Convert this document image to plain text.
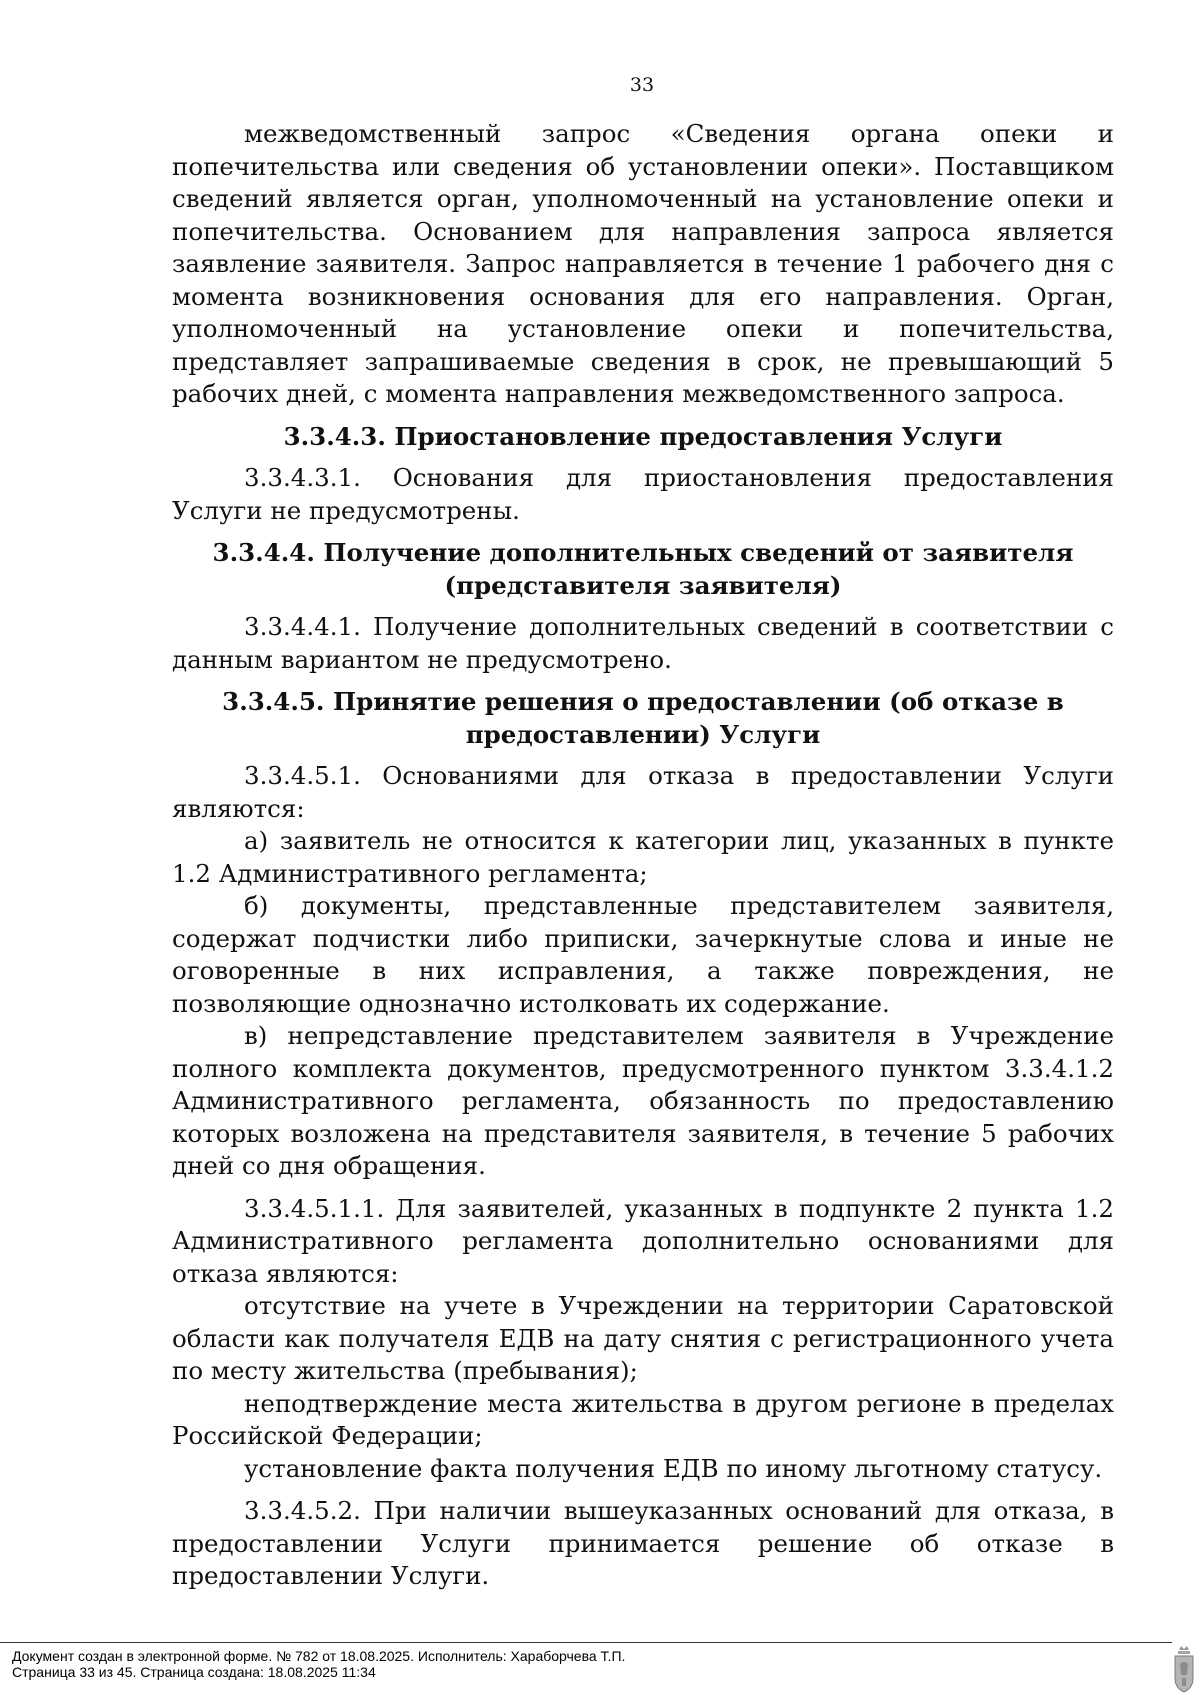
33

межведомственный запрос «Сведения органа опеки и попечительства или сведения об установлении опеки». Поставщиком сведений является орган, уполномоченный на установление опеки и попечительства. Основанием для направления запроса является заявление заявителя. Запрос направляется в течение 1 рабочего дня с момента возникновения основания для его направления. Орган, уполномоченный на установление опеки и попечительства, представляет запрашиваемые сведения в срок, не превышающий 5 рабочих дней, с момента направления межведомственного запроса.

3.3.4.3. Приостановление предоставления Услуги

3.3.4.3.1. Основания для приостановления предоставления Услуги не предусмотрены.

3.3.4.4. Получение дополнительных сведений от заявителя
(представителя заявителя)

3.3.4.4.1. Получение дополнительных сведений в соответствии с данным вариантом не предусмотрено.

3.3.4.5. Принятие решения о предоставлении (об отказе в
предоставлении) Услуги

3.3.4.5.1. Основаниями для отказа в предоставлении Услуги являются:

а) заявитель не относится к категории лиц, указанных в пункте 1.2 Административного регламента;

б) документы, представленные представителем заявителя, содержат подчистки либо приписки, зачеркнутые слова и иные не оговоренные в них исправления, а также повреждения, не позволяющие однозначно истолковать их содержание.

в) непредставление представителем заявителя в Учреждение полного комплекта документов, предусмотренного пунктом 3.3.4.1.2 Административного регламента, обязанность по предоставлению которых возложена на представителя заявителя, в течение 5 рабочих дней со дня обращения.

3.3.4.5.1.1. Для заявителей, указанных в подпункте 2 пункта 1.2 Административного регламента дополнительно основаниями для отказа являются:

отсутствие на учете в Учреждении на территории Саратовской области как получателя ЕДВ на дату снятия с регистрационного учета по месту жительства (пребывания);

неподтверждение места жительства в другом регионе в пределах Российской Федерации;

установление факта получения ЕДВ по иному льготному статусу.

3.3.4.5.2. При наличии вышеуказанных оснований для отказа, в предоставлении Услуги принимается решение об отказе в предоставлении Услуги.

Документ создан в электронной форме. № 782 от 18.08.2025. Исполнитель: Хараборчева Т.П.
Страница 33 из 45. Страница создана: 18.08.2025 11:34
